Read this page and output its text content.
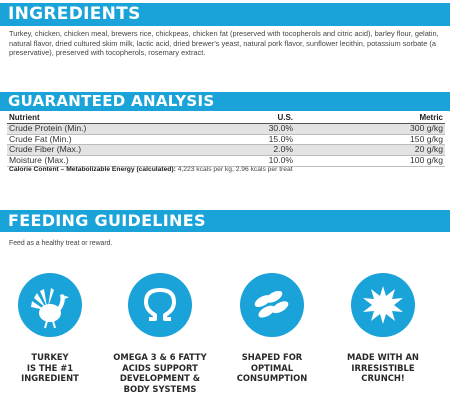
INGREDIENTS

Turkey, chicken, chicken meal, brewers rice, chickpeas, chicken fat (preserved with tocopherols and citric acid), barley flour, gelatin, natural flavor, dried cultured skim milk, lactic acid, dried brewer's yeast, natural pork flavor, sunflower lecithin, potassium sorbate (a preservative), preserved with tocopherols, rosemary extract.

GUARANTEED ANALYSIS
Nutrient	U.S.	Metric
Crude Protein (Min.)	30.0%	300 g/kg
Crude Fat (Min.)	15.0%	150 g/kg
Crude Fiber (Max.)	2.0%	20 g/kg
Moisture (Max.)	10.0%	100 g/kg

Calorie Content – Metabolizable Energy (calculated): 4,223 kcals per kg, 2.96 kcals per treat

FEEDING GUIDELINES

Feed as a healthy treat or reward.

TURKEY
IS THE #1
INGREDIENT
OMEGA 3 & 6 FATTY
ACIDS SUPPORT
DEVELOPMENT &
BODY SYSTEMS
SHAPED FOR
OPTIMAL
CONSUMPTION
MADE WITH AN
IRRESISTIBLE
CRUNCH!
